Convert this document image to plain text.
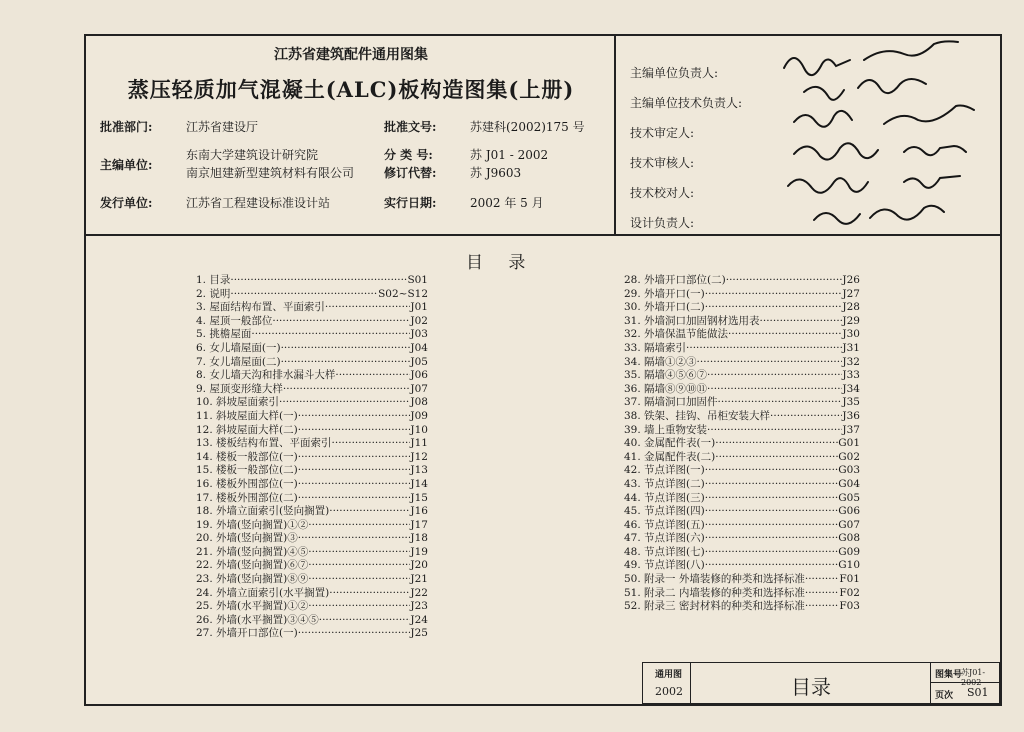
江苏省建筑配件通用图集
蒸压轻质加气混凝土(ALC)板构造图集(上册)
批准部门:	江苏省建设厅	批准文号:	苏建科(2002)175 号
主编单位:
东南大学建筑设计研究院
南京旭建新型建筑材料有限公司
分 类 号:	苏 J01 - 2002
修订代替:	苏 J9603
发行单位:	江苏省工程建设标准设计站	实行日期:	2002 年 5 月
主编单位负责人:
主编单位技术负责人:
技术审定人:
技术审核人:
技术校对人:
设计负责人:
目 录
1. 目录 ·····	S01
2. 说明 ·····	S02~S12
3. 屋面结构布置、平面索引 ·····	J01
4. 屋顶一般部位 ·····	J02
5. 挑檐屋面 ·····	J03
6. 女儿墙屋面(一) ·····	J04
7. 女儿墙屋面(二) ·····	J05
8. 女儿墙天沟和排水漏斗大样 ·····	J06
9. 屋顶变形缝大样 ·····	J07
10. 斜坡屋面索引 ·····	J08
11. 斜坡屋面大样(一) ·····	J09
12. 斜坡屋面大样(二) ·····	J10
13. 楼板结构布置、平面索引 ·····	J11
14. 楼板一般部位(一) ·····	J12
15. 楼板一般部位(二) ·····	J13
16. 楼板外围部位(一) ·····	J14
17. 楼板外围部位(二) ·····	J15
18. 外墙立面索引(竖向搁置) ·····	J16
19. 外墙(竖向搁置)①② ·····	J17
20. 外墙(竖向搁置)③ ·····	J18
21. 外墙(竖向搁置)④⑤ ·····	J19
22. 外墙(竖向搁置)⑥⑦ ·····	J20
23. 外墙(竖向搁置)⑧⑨ ·····	J21
24. 外墙立面索引(水平搁置) ·····	J22
25. 外墙(水平搁置)①② ·····	J23
26. 外墙(水平搁置)③④⑤ ·····	J24
27. 外墙开口部位(一) ·····	J25
28. 外墙开口部位(二) ·····	J26
29. 外墙开口(一) ·····	J27
30. 外墙开口(二) ·····	J28
31. 外墙洞口加固钢材选用表 ·····	J29
32. 外墙保温节能做法 ·····	J30
33. 隔墙索引 ·····	J31
34. 隔墙①②③ ·····	J32
35. 隔墙④⑤⑥⑦ ·····	J33
36. 隔墙⑧⑨⑩⑪ ·····	J34
37. 隔墙洞口加固件 ·····	J35
38. 铁架、挂钩、吊柜安装大样 ·····	J36
39. 墙上重物安装 ·····	J37
40. 金属配件表(一) ·····	G01
41. 金属配件表(二) ·····	G02
42. 节点详图(一) ·····	G03
43. 节点详图(二) ·····	G04
44. 节点详图(三) ·····	G05
45. 节点详图(四) ·····	G06
46. 节点详图(五) ·····	G07
47. 节点详图(六) ·····	G08
48. 节点详图(七) ·····	G09
49. 节点详图(八) ·····	G10
50. 附录一 外墙装修的种类和选择标准 ·····	F01
51. 附录二 内墙装修的种类和选择标准 ·····	F02
52. 附录三 密封材料的种类和选择标准 ·····	F03
通用图
2002	目录	图集号
苏J01-2002
页次 S01
